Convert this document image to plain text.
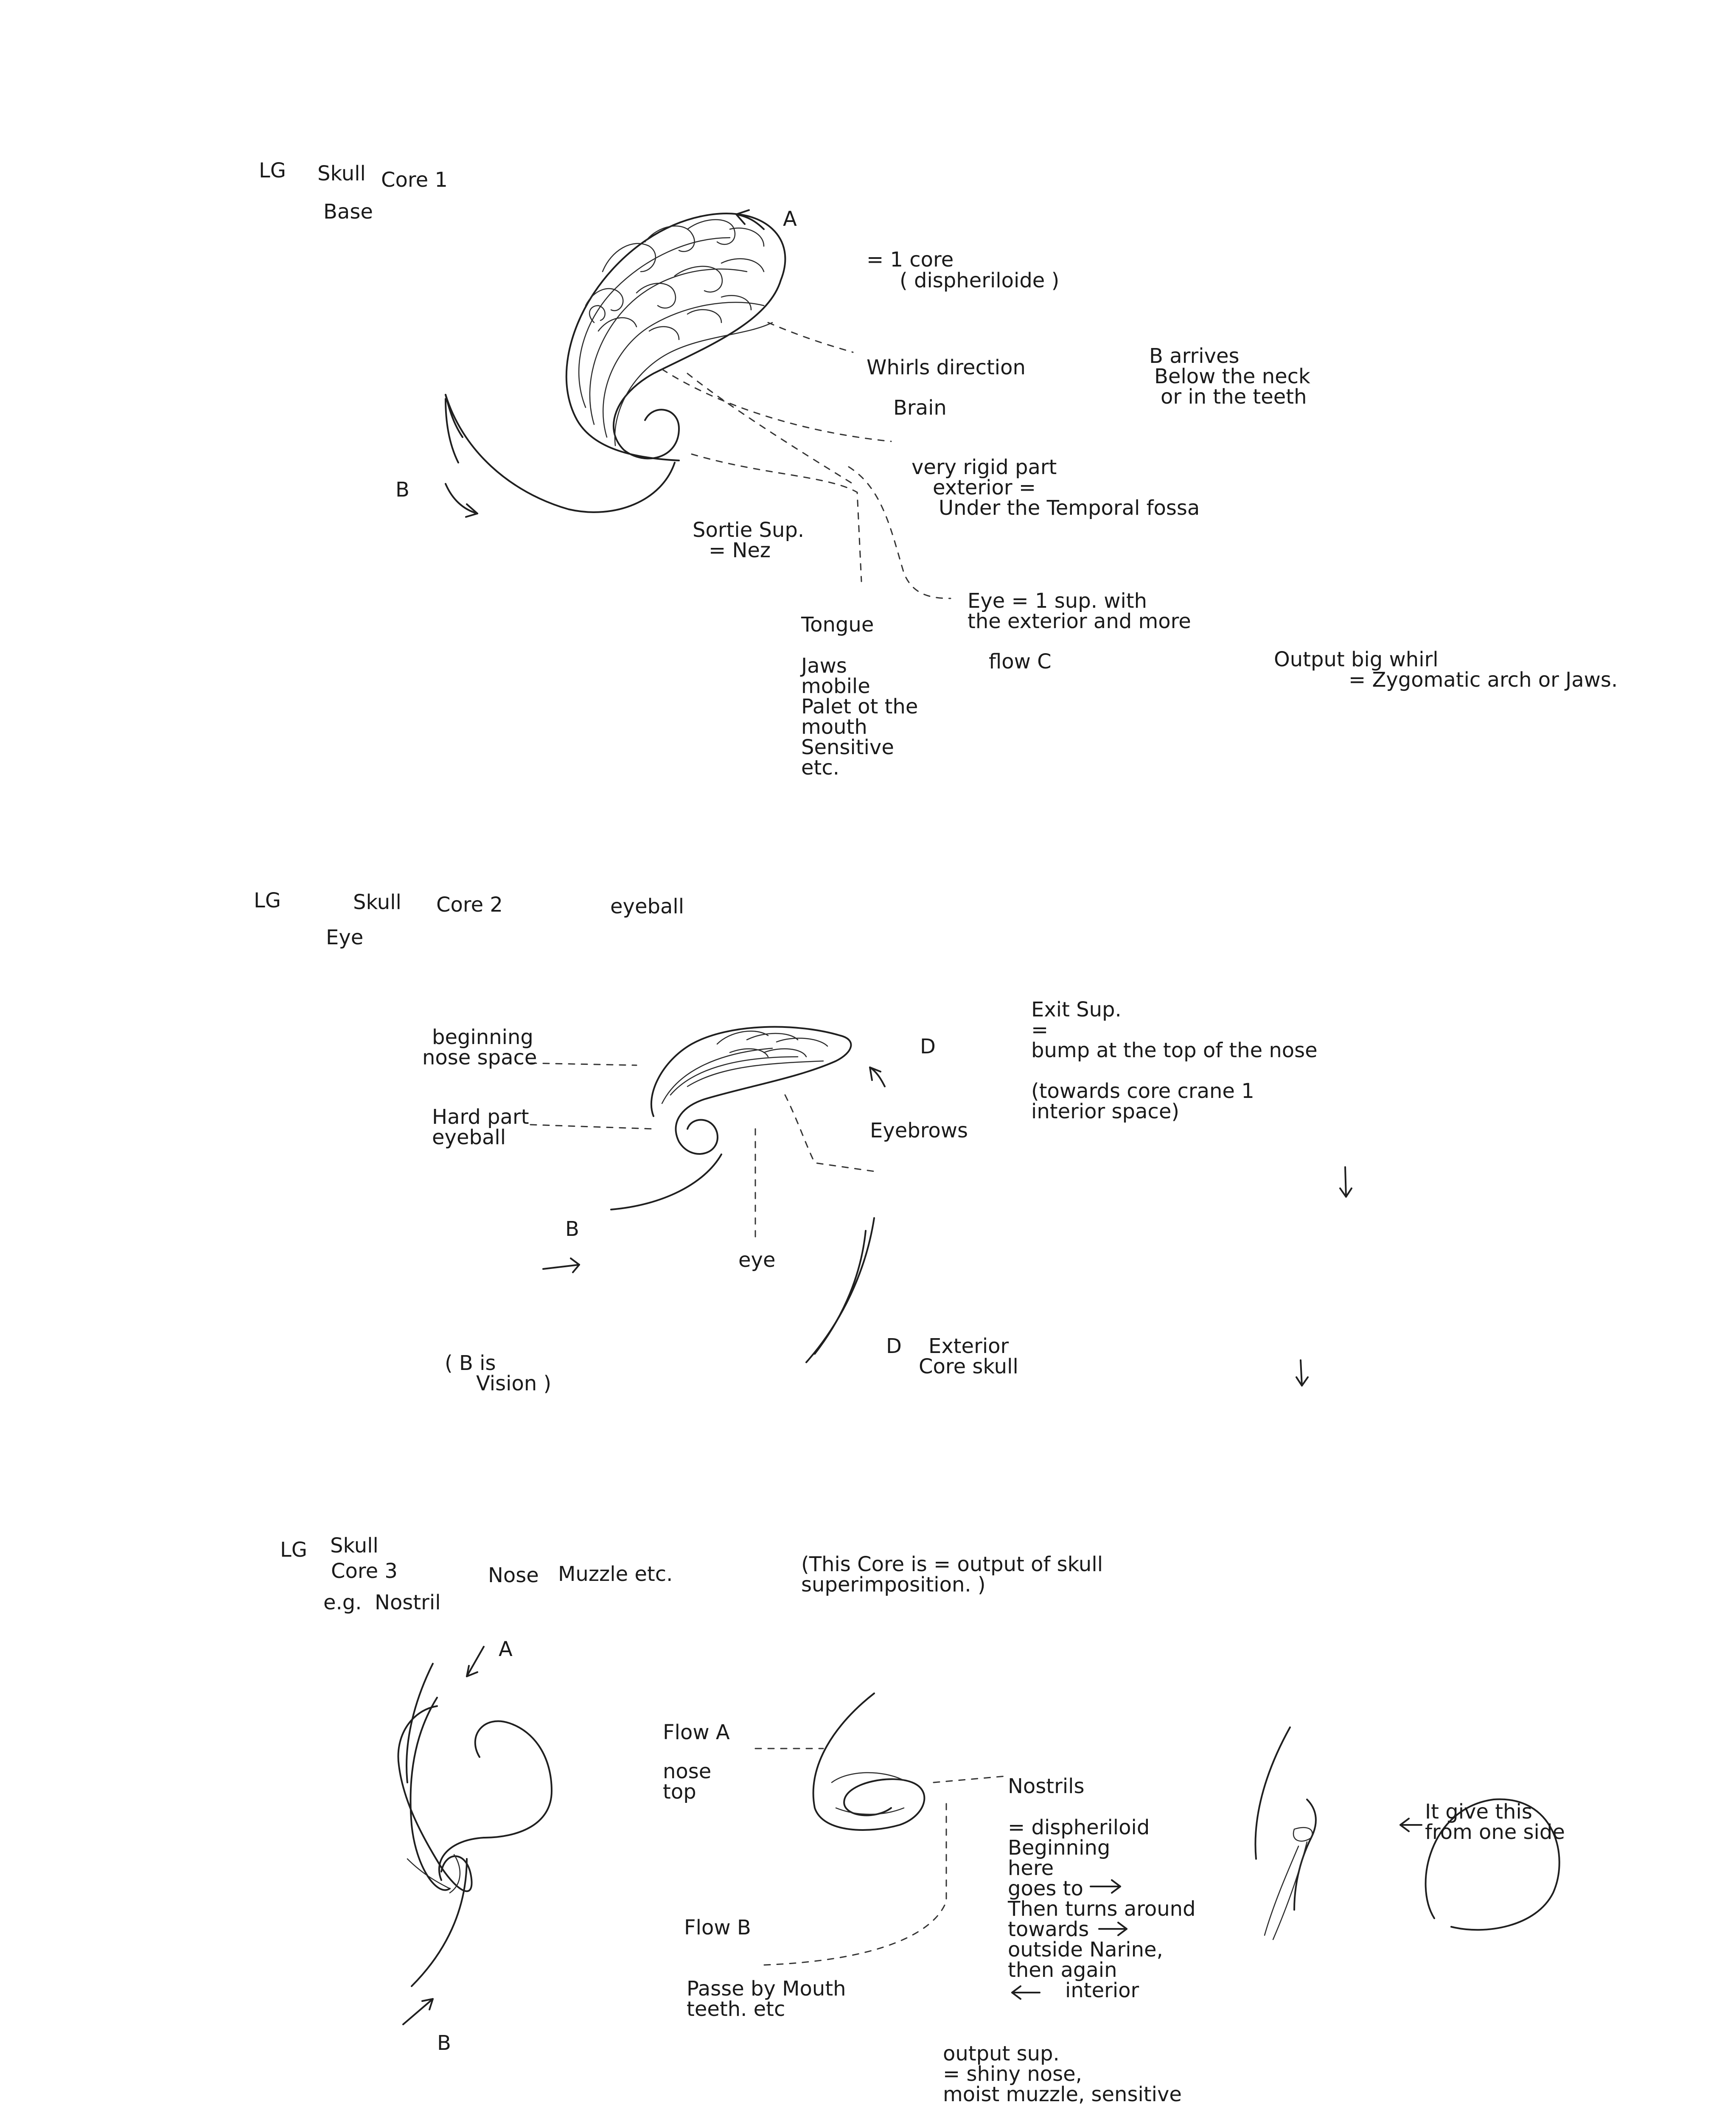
LG Skull Core 1
Base	A
= 1 core
( dispheriloide )
Whirls direction
Brain
B arrives
Below the neck
or in the teeth
B
very rigid part
exterior =
Under the Temporal fossa
Sortie Sup.
= Nez
Eye = 1 sup. with
the exterior and more
Tongue
Jaws
mobile
Palet ot the
mouth
Sensitive
etc.
flow C	Output big whirl
= Zygomatic arch or Jaws.
LG	Skull Core 2	eyeball
Eye
Exit Sup.
=
bump at the top of the nose
beginning
nose space	D
(towards core crane 1
interior space)
Hard part
eyeball	Eyebrows
B
eye
D Exterior
Core skull
( B is
Vision )
Skull
LG
Core 3	Nose Muzzle etc.	(This Core is = output of skull
superimposition. )
e.g.  Nostril
A
Flow A
nose
top	Nostrils
It give this
from one side
= dispheriloid
Beginning
here
goes to
Then turns around
towards
outside Narine,
then again
interior
Flow B
Passe by Mouth
teeth. etc
B	output sup.
= shiny nose,
moist muzzle, sensitive
